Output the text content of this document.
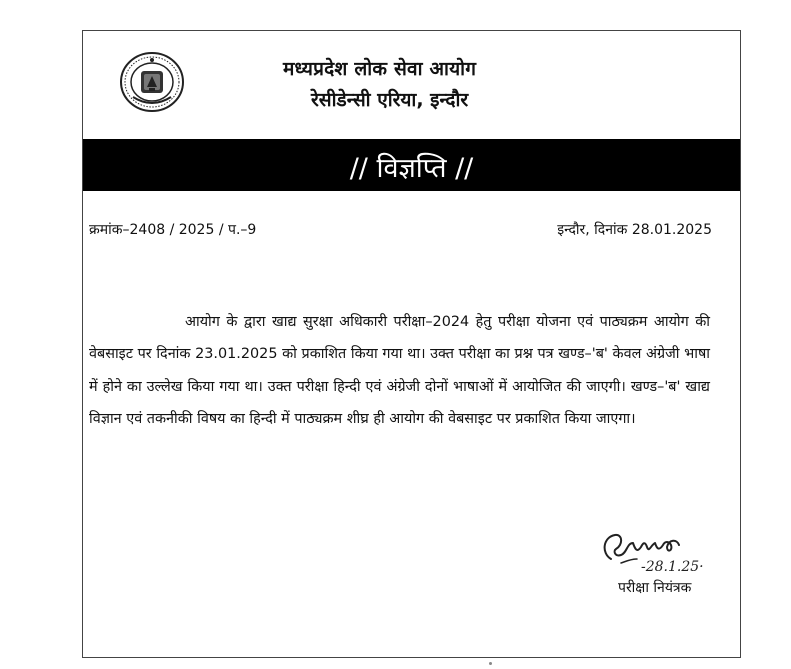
मध्यप्रदेश लोक सेवा आयोग
रेसीडेन्सी एरिया, इन्दौर
// विज्ञप्ति //
क्रमांक–2408 / 2025 / प.–9	इन्दौर, दिनांक 28.01.2025

आयोग के द्वारा खाद्य सुरक्षा अधिकारी परीक्षा–2024 हेतु परीक्षा योजना एवं पाठ्यक्रम आयोग की वेबसाइट पर दिनांक 23.01.2025 को प्रकाशित किया गया था। उक्त परीक्षा का प्रश्न पत्र खण्ड–'ब' केवल अंग्रेजी भाषा में होने का उल्लेख किया गया था। उक्त परीक्षा हिन्दी एवं अंग्रेजी दोनों भाषाओं में आयोजित की जाएगी। खण्ड–'ब' खाद्य विज्ञान एवं तकनीकी विषय का हिन्दी में पाठ्यक्रम शीघ्र ही आयोग की वेबसाइट पर प्रकाशित किया जाएगा।

-28.1.25·
परीक्षा नियंत्रक
